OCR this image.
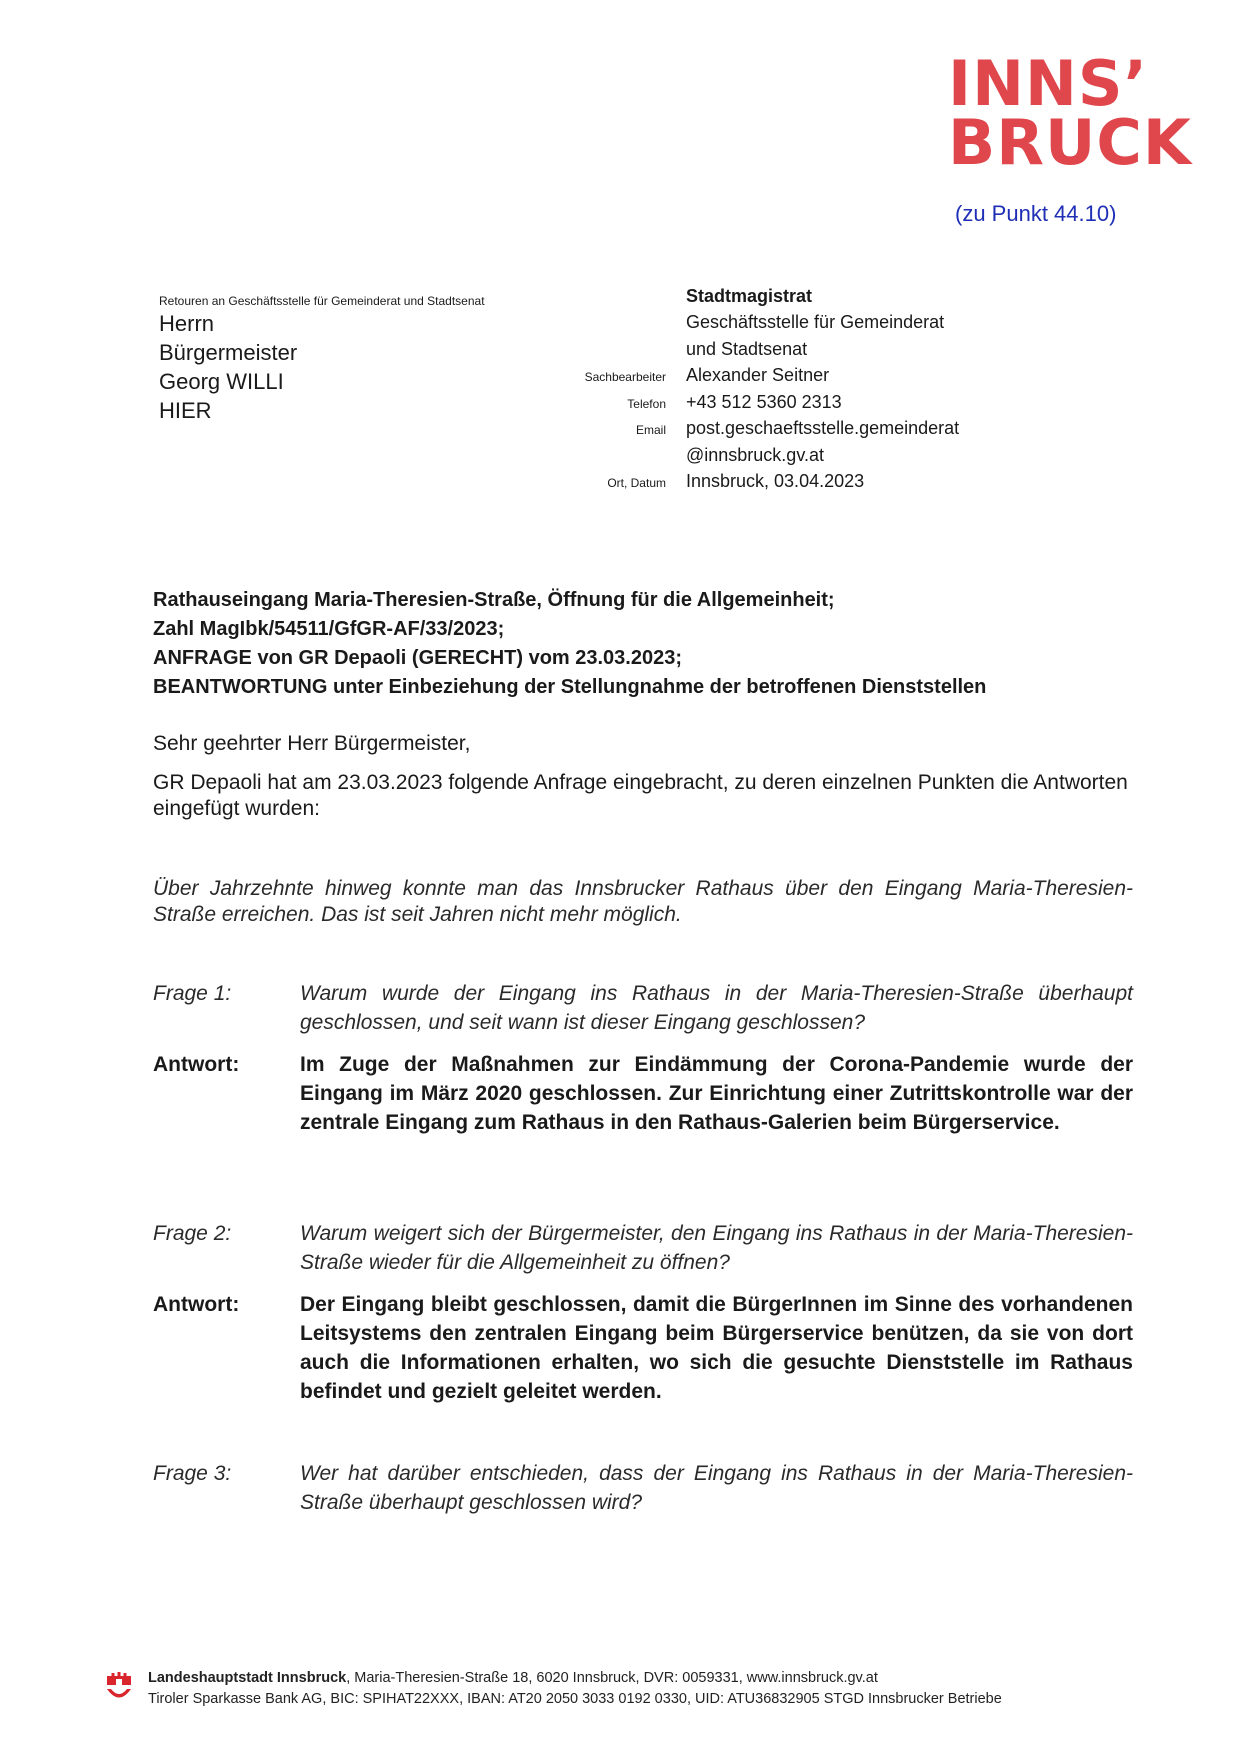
INNS’
BRUCK
(zu Punkt 44.10)
Retouren an Geschäftsstelle für Gemeinderat und Stadtsenat
Herrn
Bürgermeister
Georg WILLI
HIER
Stadtmagistrat
Geschäftsstelle für Gemeinderat
und Stadtsenat
Sachbearbeiter	Alexander Seitner
Telefon	+43 512 5360 2313
Email	post.geschaeftsstelle.gemeinderat
@innsbruck.gv.at
Ort, Datum	Innsbruck, 03.04.2023
Rathauseingang Maria-Theresien-Straße, Öffnung für die Allgemeinheit;
Zahl MagIbk/54511/GfGR-AF/33/2023;
ANFRAGE von GR Depaoli (GERECHT) vom 23.03.2023;
BEANTWORTUNG unter Einbeziehung der Stellungnahme der betroffenen Dienststellen
Sehr geehrter Herr Bürgermeister,
GR Depaoli hat am 23.03.2023 folgende Anfrage eingebracht, zu deren einzelnen Punkten die Antworten eingefügt wurden:
Über Jahrzehnte hinweg konnte man das Innsbrucker Rathaus über den Eingang Maria-Theresien-Straße erreichen. Das ist seit Jahren nicht mehr möglich.
Frage 1:	Warum wurde der Eingang ins Rathaus in der Maria-Theresien-Straße überhaupt geschlossen, und seit wann ist dieser Eingang geschlossen?
Antwort:	Im Zuge der Maßnahmen zur Eindämmung der Corona-Pandemie wurde der Eingang im März 2020 geschlossen. Zur Einrichtung einer Zutrittskontrolle war der zentrale Eingang zum Rathaus in den Rathaus-Galerien beim Bürgerservice.
Frage 2:	Warum weigert sich der Bürgermeister, den Eingang ins Rathaus in der Maria-Theresien-Straße wieder für die Allgemeinheit zu öffnen?
Antwort:	Der Eingang bleibt geschlossen, damit die BürgerInnen im Sinne des vorhandenen Leitsystems den zentralen Eingang beim Bürgerservice benützen, da sie von dort auch die Informationen erhalten, wo sich die gesuchte Dienststelle im Rathaus befindet und gezielt geleitet werden.
Frage 3:	Wer hat darüber entschieden, dass der Eingang ins Rathaus in der Maria-Theresien-Straße überhaupt geschlossen wird?
Landeshauptstadt Innsbruck, Maria-Theresien-Straße 18, 6020 Innsbruck, DVR: 0059331, www.innsbruck.gv.at
Tiroler Sparkasse Bank AG, BIC: SPIHAT22XXX, IBAN: AT20 2050 3033 0192 0330, UID: ATU36832905 STGD Innsbrucker Betriebe
